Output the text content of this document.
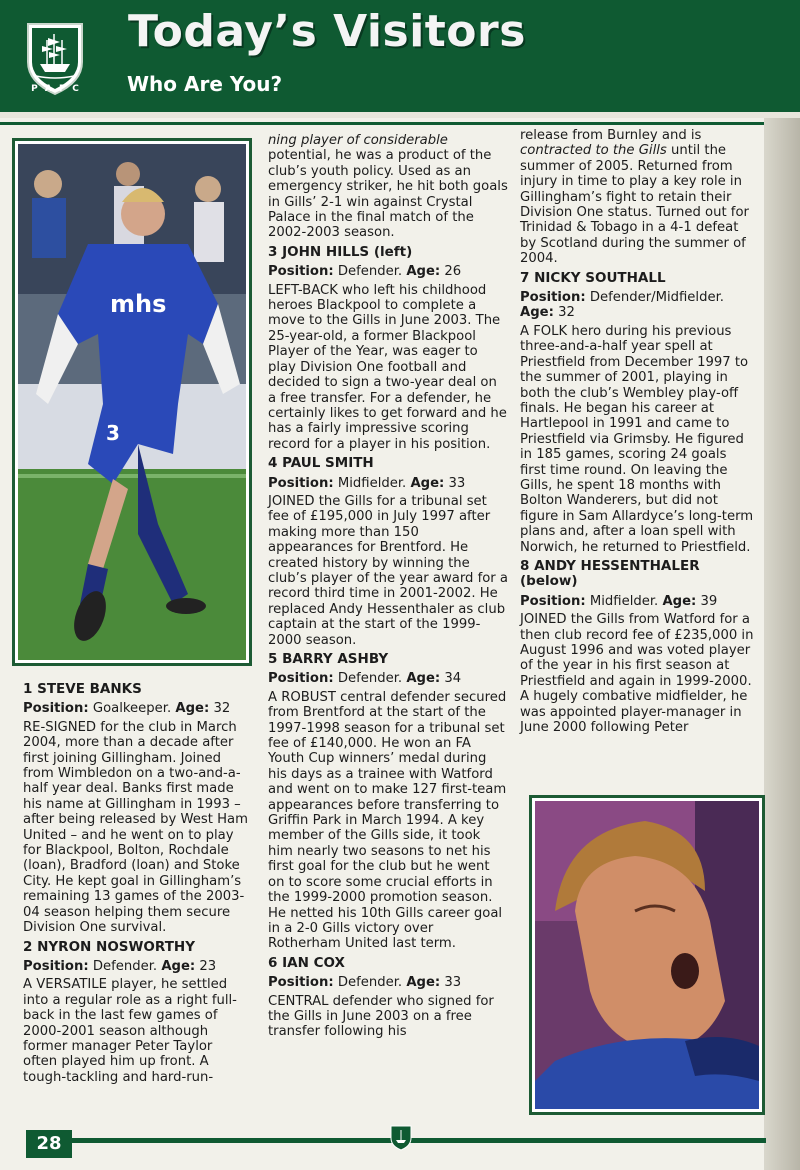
P A F C
Today’s Visitors
Who Are You?
mhs
3

1 STEVE BANKS

Position: Goalkeeper. Age: 32

RE-SIGNED for the club in March 2004, more than a decade after first joining Gillingham. Joined from Wimbledon on a two-and-a-half year deal. Banks first made his name at Gillingham in 1993 – after being released by West Ham United – and he went on to play for Blackpool, Bolton, Rochdale (loan), Bradford (loan) and Stoke City. He kept goal in Gillingham’s remaining 13 games of the 2003-04 season helping them secure Division One survival.

2 NYRON NOSWORTHY

Position: Defender. Age: 23

A VERSATILE player, he settled into a regular role as a right full-back in the last few games of 2000-2001 season although former manager Peter Taylor often played him up front. A tough-tackling and hard-run-

ning player of considerable potential, he was a product of the club’s youth policy. Used as an emergency striker, he hit both goals in Gills’ 2-1 win against Crystal Palace in the final match of the 2002-2003 season.

3 JOHN HILLS (left)

Position: Defender. Age: 26

LEFT-BACK who left his childhood heroes Blackpool to complete a move to the Gills in June 2003. The 25-year-old, a former Blackpool Player of the Year, was eager to play Division One football and decided to sign a two-year deal on a free transfer. For a defender, he certainly likes to get forward and he has a fairly impressive scoring record for a player in his position.

4 PAUL SMITH

Position: Midfielder. Age: 33

JOINED the Gills for a tribunal set fee of £195,000 in July 1997 after making more than 150 appearances for Brentford. He created history by winning the club’s player of the year award for a record third time in 2001-2002. He replaced Andy Hessenthaler as club captain at the start of the 1999-2000 season.

5 BARRY ASHBY

Position: Defender. Age: 34

A ROBUST central defender secured from Brentford at the start of the 1997-1998 season for a tribunal set fee of £140,000. He won an FA Youth Cup winners’ medal during his days as a trainee with Watford and went on to make 127 first-team appearances before transferring to Griffin Park in March 1994. A key member of the Gills side, it took him nearly two seasons to net his first goal for the club but he went on to score some crucial efforts in the 1999-2000 promotion season. He netted his 10th Gills career goal in a 2-0 Gills victory over Rotherham United last term.

6 IAN COX

Position: Defender. Age: 33

CENTRAL defender who signed for the Gills in June 2003 on a free transfer following his

release from Burnley and is contracted to the Gills until the summer of 2005. Returned from injury in time to play a key role in Gillingham’s fight to retain their Division One status. Turned out for Trinidad & Tobago in a 4-1 defeat by Scotland during the summer of 2004.

7 NICKY SOUTHALL

Position: Defender/Midfielder. Age: 32

A FOLK hero during his previous three-and-a-half year spell at Priestfield from December 1997 to the summer of 2001, playing in both the club’s Wembley play-off finals. He began his career at Hartlepool in 1991 and came to Priestfield via Grimsby. He figured in 185 games, scoring 24 goals first time round. On leaving the Gills, he spent 18 months with Bolton Wanderers, but did not figure in Sam Allardyce’s long-term plans and, after a loan spell with Norwich, he returned to Priestfield.

8 ANDY HESSENTHALER (below)

Position: Midfielder. Age: 39

JOINED the Gills from Watford for a then club record fee of £235,000 in August 1996 and was voted player of the year in his first season at Priestfield and again in 1999-2000. A hugely combative midfielder, he was appointed player-manager in June 2000 following Peter

28
